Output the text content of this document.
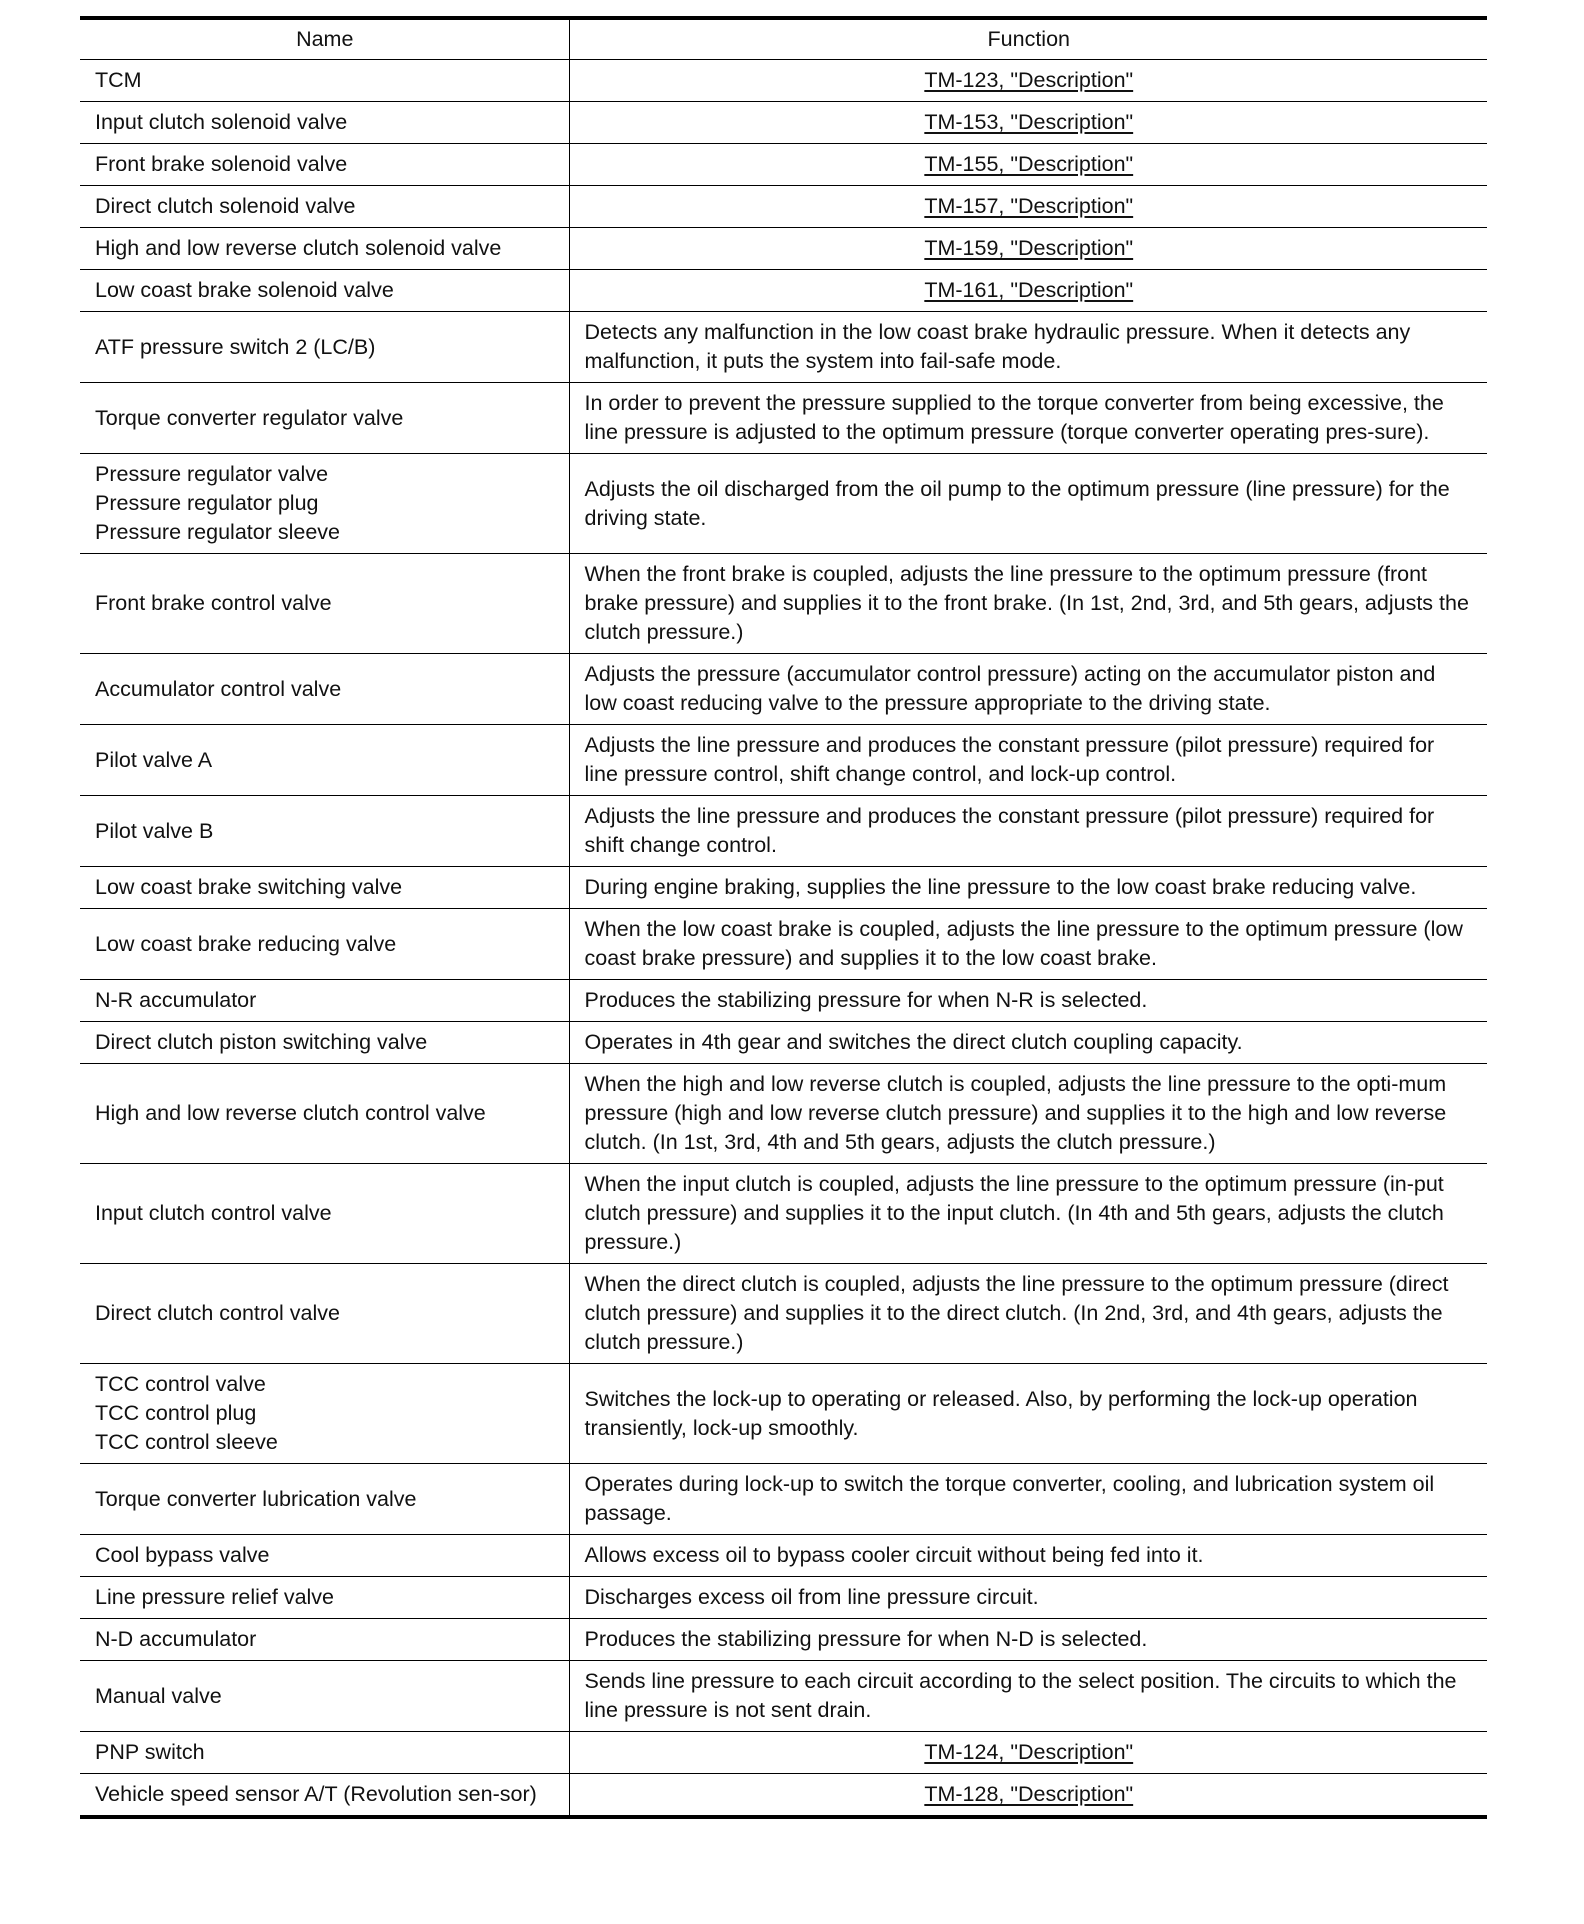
Name	Function

TCM	TM-123, "Description"

Input clutch solenoid valve	TM-153, "Description"

Front brake solenoid valve	TM-155, "Description"

Direct clutch solenoid valve	TM-157, "Description"

High and low reverse clutch solenoid valve	TM-159, "Description"

Low coast brake solenoid valve	TM-161, "Description"

ATF pressure switch 2 (LC/B)	Detects any malfunction in the low coast brake hydraulic pressure. When it detects any malfunction, it puts the system into fail-safe mode.

Torque converter regulator valve	In order to prevent the pressure supplied to the torque converter from being excessive, the line pressure is adjusted to the optimum pressure (torque converter operating pres-sure).

Pressure regulator valve
Pressure regulator plug
Pressure regulator sleeve	Adjusts the oil discharged from the oil pump to the optimum pressure (line pressure) for the driving state.

Front brake control valve	When the front brake is coupled, adjusts the line pressure to the optimum pressure (front brake pressure) and supplies it to the front brake. (In 1st, 2nd, 3rd, and 5th gears, adjusts the clutch pressure.)

Accumulator control valve	Adjusts the pressure (accumulator control pressure) acting on the accumulator piston and low coast reducing valve to the pressure appropriate to the driving state.

Pilot valve A	Adjusts the line pressure and produces the constant pressure (pilot pressure) required for line pressure control, shift change control, and lock-up control.

Pilot valve B	Adjusts the line pressure and produces the constant pressure (pilot pressure) required for shift change control.

Low coast brake switching valve	During engine braking, supplies the line pressure to the low coast brake reducing valve.

Low coast brake reducing valve	When the low coast brake is coupled, adjusts the line pressure to the optimum pressure (low coast brake pressure) and supplies it to the low coast brake.

N-R accumulator	Produces the stabilizing pressure for when N-R is selected.

Direct clutch piston switching valve	Operates in 4th gear and switches the direct clutch coupling capacity.

High and low reverse clutch control valve	When the high and low reverse clutch is coupled, adjusts the line pressure to the opti-mum pressure (high and low reverse clutch pressure) and supplies it to the high and low reverse clutch. (In 1st, 3rd, 4th and 5th gears, adjusts the clutch pressure.)

Input clutch control valve	When the input clutch is coupled, adjusts the line pressure to the optimum pressure (in-put clutch pressure) and supplies it to the input clutch. (In 4th and 5th gears, adjusts the clutch pressure.)

Direct clutch control valve	When the direct clutch is coupled, adjusts the line pressure to the optimum pressure (direct clutch pressure) and supplies it to the direct clutch. (In 2nd, 3rd, and 4th gears, adjusts the clutch pressure.)

TCC control valve
TCC control plug
TCC control sleeve	Switches the lock-up to operating or released. Also, by performing the lock-up operation transiently, lock-up smoothly.

Torque converter lubrication valve	Operates during lock-up to switch the torque converter, cooling, and lubrication system oil passage.

Cool bypass valve	Allows excess oil to bypass cooler circuit without being fed into it.

Line pressure relief valve	Discharges excess oil from line pressure circuit.

N-D accumulator	Produces the stabilizing pressure for when N-D is selected.

Manual valve	Sends line pressure to each circuit according to the select position. The circuits to which the line pressure is not sent drain.

PNP switch	TM-124, "Description"

Vehicle speed sensor A/T (Revolution sen-sor)	TM-128, "Description"
